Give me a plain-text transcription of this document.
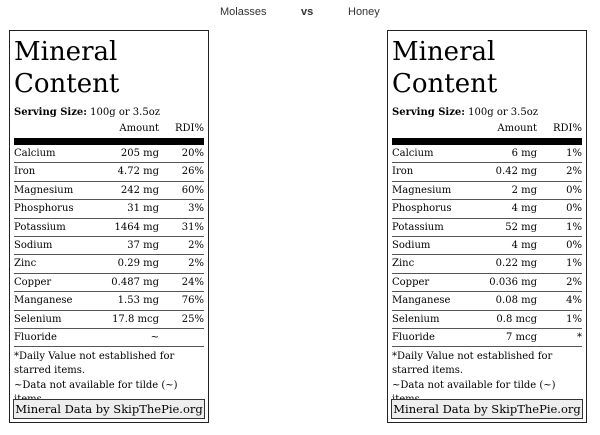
Molasses	vs	Honey
Mineral
Content
Serving Size: 100g or 3.5oz
Amount	RDI%
Calcium	205 mg	20%
Iron	4.72 mg	26%
Magnesium	242 mg	60%
Phosphorus	31 mg	3%
Potassium	1464 mg	31%
Sodium	37 mg	2%
Zinc	0.29 mg	2%
Copper	0.487 mg	24%
Manganese	1.53 mg	76%
Selenium	17.8 mcg	25%
Fluoride	~
*Daily Value not established for starred items.
~Data not available for tilde (~)
Mineral Data by SkipThePie.org
Mineral
Content
Serving Size: 100g or 3.5oz
Amount	RDI%
Calcium	6 mg	1%
Iron	0.42 mg	2%
Magnesium	2 mg	0%
Phosphorus	4 mg	0%
Potassium	52 mg	1%
Sodium	4 mg	0%
Zinc	0.22 mg	1%
Copper	0.036 mg	2%
Manganese	0.08 mg	4%
Selenium	0.8 mcg	1%
Fluoride	7 mcg	*
*Daily Value not established for starred items.
~Data not available for tilde (~)
Mineral Data by SkipThePie.org
